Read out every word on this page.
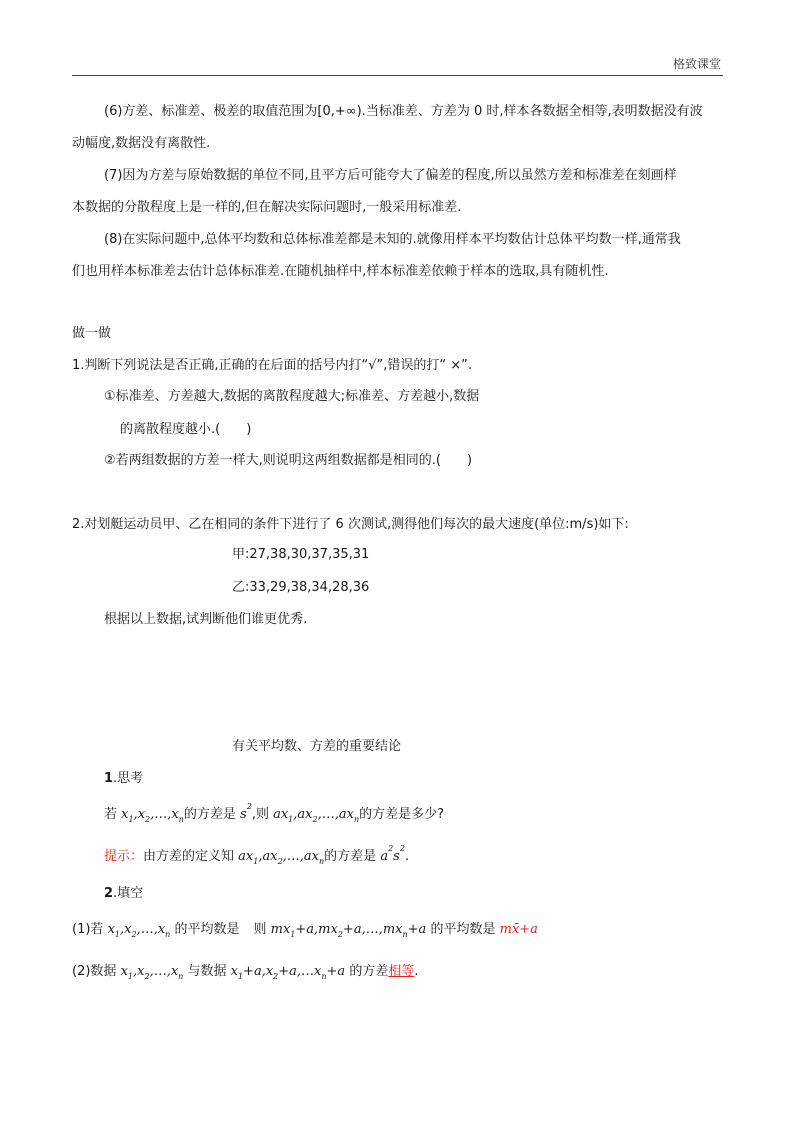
格致课堂
(6)方差、标准差、极差的取值范围为[0,+∞).当标准差、方差为 0 时,样本各数据全相等,表明数据没有波
动幅度,数据没有离散性.
(7)因为方差与原始数据的单位不同,且平方后可能夸大了偏差的程度,所以虽然方差和标准差在刻画样
本数据的分散程度上是一样的,但在解决实际问题时,一般采用标准差.
(8)在实际问题中,总体平均数和总体标准差都是未知的.就像用样本平均数估计总体平均数一样,通常我
们也用样本标准差去估计总体标准差.在随机抽样中,样本标准差依赖于样本的选取,具有随机性.
做一做
1.判断下列说法是否正确,正确的在后面的括号内打“√”,错误的打“ ×”.
①标准差、方差越大,数据的离散程度越大;标准差、方差越小,数据
的离散程度越小.(　　)
②若两组数据的方差一样大,则说明这两组数据都是相同的.(　　)
2.对划艇运动员甲、乙在相同的条件下进行了 6 次测试,测得他们每次的最大速度(单位:m/s)如下:
甲:27,38,30,37,35,31
乙:33,29,38,34,28,36
根据以上数据,试判断他们谁更优秀.
有关平均数、方差的重要结论
1.思考
若 $x_1,x_2,\dots,x_n$的方差是 $s^2$,则 $ax_1,ax_2,\dots,ax_n$的方差是多少?
提示：由方差的定义知 $ax_1,ax_2,\dots,ax_n$的方差是 $a^2s^2$.
2.填空
(1)若 $x_1,x_2,\dots,x_n$ 的平均数是 则 $mx_1+a,mx_2+a,\dots,mx_n+a$ 的平均数是 mx̄+a
(2)数据 $x_1,x_2,\dots,x_n$ 与数据 $x_1+a,x_2+a,\dots x_n+a$ 的方差相等.
